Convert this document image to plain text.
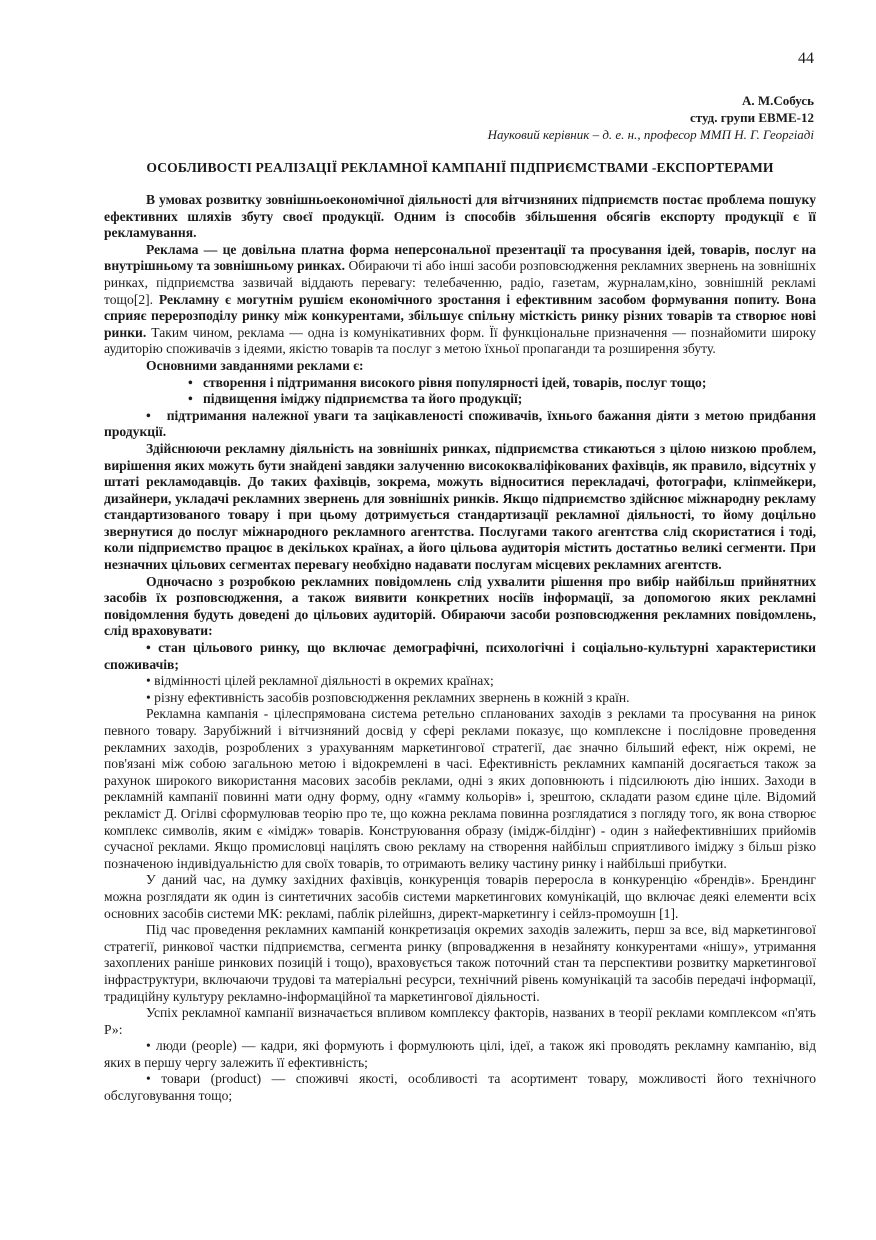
44
А. М.Собусь
студ. групи ЕВМЕ-12
Науковий керівник – д. е. н., професор ММП Н. Г. Георгіаді
ОСОБЛИВОСТІ РЕАЛІЗАЦІЇ РЕКЛАМНОЇ КАМПАНІЇ ПІДПРИЄМСТВАМИ -ЕКСПОРТЕРАМИ

В умовах розвитку зовнішньоекономічної діяльності для вітчизняних підприємств постає проблема пошуку ефективних шляхів збуту своєї продукції. Одним із способів збільшення обсягів експорту продукції є її рекламування.

Реклама — це довільна платна форма неперсональної презентації та просування ідей, товарів, послуг на внутрішньому та зовнішньому ринках. Обираючи ті або інші засоби розповсюдження рекламних звернень на зовнішніх ринках, підприємства зазвичай віддають перевагу: телебаченню, радіо, газетам, журналам,кіно, зовнішній рекламі тощо[2]. Рекламну є могутнім рушієм економічного зростання і ефективним засобом формування попиту. Вона сприяє перерозподілу ринку між конкурентами, збільшує спільну місткість ринку різних товарів та створює нові ринки. Таким чином, реклама — одна із комунікативних форм. Її функціональне призначення — познайомити широку аудиторію споживачів з ідеями, якістю товарів та послуг з метою їхньої пропаганди та розширення збуту.

Основними завданнями реклами є:

•   створення і підтримання високого рівня популярності ідей, товарів, послуг тощо;

•   підвищення іміджу підприємства та його продукції;

•   підтримання належної уваги та зацікавленості споживачів, їхнього бажання діяти з метою придбання продукції.

Здійснюючи рекламну діяльність на зовнішніх ринках, підприємства стикаються з цілою низкою проблем, вирішення яких можуть бути знайдені завдяки залученню висококваліфікованих фахівців, як правило, відсутніх у штаті рекламодавців. До таких фахівців, зокрема, можуть відноситися перекладачі, фотографи, кліпмейкери, дизайнери, укладачі рекламних звернень для зовнішніх ринків. Якщо підприємство здійснює міжнародну рекламу стандартизованого товару і при цьому дотримується стандартизації рекламної діяльності, то йому доцільно звернутися до послуг міжнародного рекламного агентства. Послугами такого агентства слід скористатися і тоді, коли підприємство працює в декількох країнах, а його цільова аудиторія містить достатньо великі сегменти. При незначних цільових сегментах перевагу необхідно надавати послугам місцевих рекламних агентств.

Одночасно з розробкою рекламних повідомлень слід ухвалити рішення про вибір найбільш прийнятних засобів їх розповсюдження, а також виявити конкретних носіїв інформації, за допомогою яких рекламні повідомлення будуть доведені до цільових аудиторій. Обираючи засоби розповсюдження рекламних повідомлень, слід враховувати:

• стан цільового ринку, що включає демографічні, психологічні і соціально-культурні характеристики споживачів;

• відмінності цілей рекламної діяльності в окремих країнах;

• різну ефективність засобів розповсюдження рекламних звернень в кожній з країн.

Рекламна кампанія - цілеспрямована система ретельно спланованих заходів з реклами та просування на ринок певного товару. Зарубіжний і вітчизняний досвід у сфері реклами показує, що комплексне і послідовне проведення рекламних заходів, розроблених з урахуванням маркетингової стратегії, дає значно більший ефект, ніж окремі, не пов'язані між собою загальною метою і відокремлені в часі. Ефективність рекламних кампаній досягається також за рахунок широкого використання масових засобів реклами, одні з яких доповнюють і підсилюють дію інших. Заходи в рекламній кампанії повинні мати одну форму, одну «гамму кольорів» і, зрештою, складати разом єдине ціле. Відомий рекламіст Д. Огілві сформулював теорію про те, що кожна реклама повинна розглядатися з погляду того, як вона створює комплекс символів, яким є «імідж» товарів. Конструювання образу (імідж-білдінг) - один з найефективніших прийомів сучасної реклами. Якщо промисловці націлять свою рекламу на створення найбільш сприятливого іміджу з більш різко позначеною індивідуальністю для своїх товарів, то отримають велику частину ринку і найбільші прибутки.

У даний час, на думку західних фахівців, конкуренція товарів переросла в конкуренцію «брендів». Брендинг можна розглядати як один із синтетичних засобів системи маркетингових комунікацій, що включає деякі елементи всіх основних засобів системи МК: рекламі, паблік рілейшнз, директ-маркетингу і сейлз-промоушн [1].

Під час проведення рекламних кампаній конкретизація окремих заходів залежить, перш за все, від маркетингової стратегії, ринкової частки підприємства, сегмента ринку (впровадження в незайняту конкурентами «нішу», утримання захоплених раніше ринкових позицій і тощо), враховується також поточний стан та перспективи розвитку маркетингової інфраструктури, включаючи трудові та матеріальні ресурси, технічний рівень комунікацій та засобів передачі інформації, традиційну культуру рекламно-інформаційної та маркетингової діяльності.

Успіх рекламної кампанії визначається впливом комплексу факторів, названих в теорії реклами комплексом «п'ять Р»:

• люди (people) — кадри, які формують і формулюють цілі, ідеї, а також які проводять рекламну кампанію, від яких в першу чергу залежить її ефективність;

• товари (product) — споживчі якості, особливості та асортимент товару, можливості його технічного обслуговування тощо;
